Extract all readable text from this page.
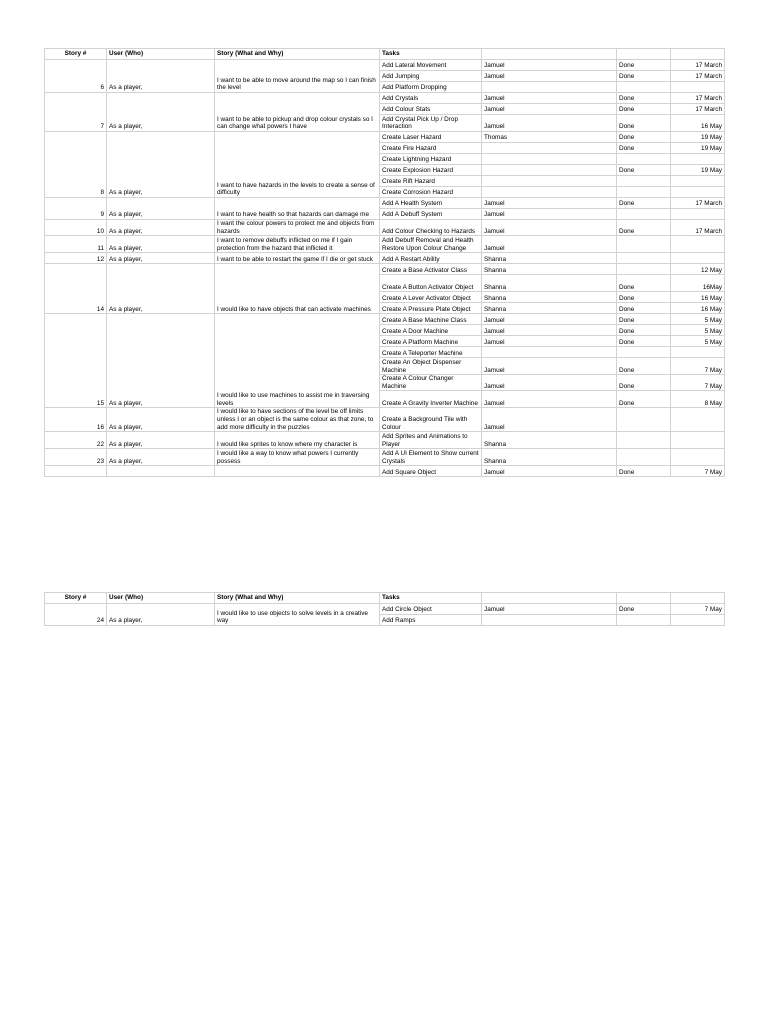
Story #	User (Who)	Story (What and Why)	Tasks			
6	As a player,	I want to be able to move around the map so I can finish the level	Add Lateral Movement	Jamuel	Done	17 March
			Add Jumping	Jamuel	Done	17 March
			Add Platform Dropping			
7	As a player,	I want to be able to pickup and drop colour crystals so I can change what powers I have	Add Crystals	Jamuel	Done	17 March
			Add Colour Stats	Jamuel	Done	17 March
			Add Crystal Pick Up / Drop Interaction	Jamuel	Done	16 May
8	As a player,	I want to have hazards in the levels to create a sense of difficulty	Create Laser Hazard	Thomas	Done	19 May
			Create Fire Hazard		Done	19 May
			Create Lightning Hazard			
			Create Explosion Hazard		Done	19 May
			Create Rift Hazard			
			Create Corrosion Hazard			
9	As a player,	I want to have health so that hazards can damage me	Add A Health System	Jamuel	Done	17 March
			Add A Debuff System	Jamuel		
10	As a player,	I want the colour powers to protect me and objects from hazards	Add Colour Checking to Hazards	Jamuel	Done	17 March
11	As a player,	I want to remove debuffs inflicted on me if I gain protection from the hazard that inflicted it	Add Debuff Removal and Health Restore Upon Colour Change	Jamuel		
12	As a player,	I want to be able to restart the game if I die or get stuck	Add A Restart Ability	Shanna		
14	As a player,	I would like to have objects that can activate machines	Create a Base Activator Class	Shanna		12 May
			Create A Button Activator Object	Shanna	Done	16May
			Create A Lever Activator Object	Shanna	Done	16 May
			Create A Pressure Plate Object	Shanna	Done	16 May
15	As a player,	I would like to use machines to assist me in traversing levels	Create A Base Machine Class	Jamuel	Done	5 May
			Create A Door Machine	Jamuel	Done	5 May
			Create A Platform Machine	Jamuel	Done	5 May
			Create A Teleporter Machine			
			Create An Object Dispenser Machine	Jamuel	Done	7 May
			Create A Colour Changer Machine	Jamuel	Done	7 May
			Create A Gravity Inverter Machine	Jamuel	Done	8 May
16	As a player,	I would like to have sections of the level be off limits unless I or an object is the same colour as that zone, to add more difficulty in the puzzles	Create a Background Tile with Colour	Jamuel		
22	As a player,	I would like sprites to know where my character is	Add Sprites and Animations to Player	Shanna		
23	As a player,	I would like a way to know what powers I currently possess	Add A UI Element to Show current Crystals	Shanna		
			Add Square Object	Jamuel	Done	7 May
Story #	User (Who)	Story (What and Why)	Tasks			
24	As a player,	I would like to use objects to solve levels in a creative way	Add Circle Object	Jamuel	Done	7 May
			Add Ramps			
